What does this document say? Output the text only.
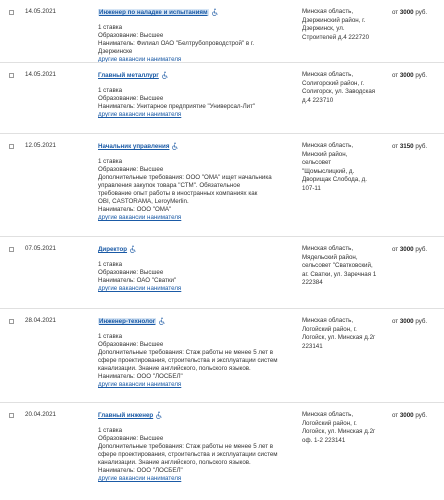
14.05.2021	Инженер по наладке и испытаниям
1 ставка
Образование: Высшее
Наниматель: Филиал ОАО "Белтрубопроводстрой" в г.
Дзержинске
другие вакансии нанимателя
Минская область,
Дзержинский район, г.
Дзержинск, ул.
Строителей д.4 222720
от 3000 руб.
14.05.2021	Главный металлург
1 ставка
Образование: Высшее
Наниматель: Унитарное предприятие "Универсал-Лит"
другие вакансии нанимателя
Минская область,
Солигорский район, г.
Солигорск, ул. Заводская
д.4 223710
от 3000 руб.
12.05.2021	Начальник управления
1 ставка
Образование: Высшее
Дополнительные требования: ООО "ОМА" ищет начальника
управления закупок товара "СТМ". Обязательное
требование опыт работы в иностранных компаниях как
OBI, CASTORAMA, LeroyMerlin.
Наниматель: ООО "ОМА"
другие вакансии нанимателя
Минская область,
Минский район,
сельсовет
"Щомыслицкий, д.
Дворищак Слобода, д.
107-11
от 3150 руб.
07.05.2021	Директор
1 ставка
Образование: Высшее
Наниматель: ОАО "Сватки"
другие вакансии нанимателя
Минская область,
Мядельский район,
сельсовет "Сватковский,
аг. Сватки, ул. Заречная 1
222384
от 3000 руб.
28.04.2021	Инженер-технолог
1 ставка
Образование: Высшее
Дополнительные требования: Стаж работы не менее 5 лет в
сфере проектирования, строительства и эксплуатации систем
канализации. Знание английского, польского языков.
Наниматель: ООО "ЛОСБЕЛ"
другие вакансии нанимателя
Минская область,
Логойский район, г.
Логойск, ул. Минская д.2г
223141
от 3000 руб.
20.04.2021	Главный инженер
1 ставка
Образование: Высшее
Дополнительные требования: Стаж работы не менее 5 лет в
сфере проектирования, строительства и эксплуатации систем
канализации. Знание английского, польского языков.
Наниматель: ООО "ЛОСБЕЛ"
другие вакансии нанимателя
Минская область,
Логойский район, г.
Логойск, ул. Минская д.2г
оф. 1-2 223141
от 3000 руб.
